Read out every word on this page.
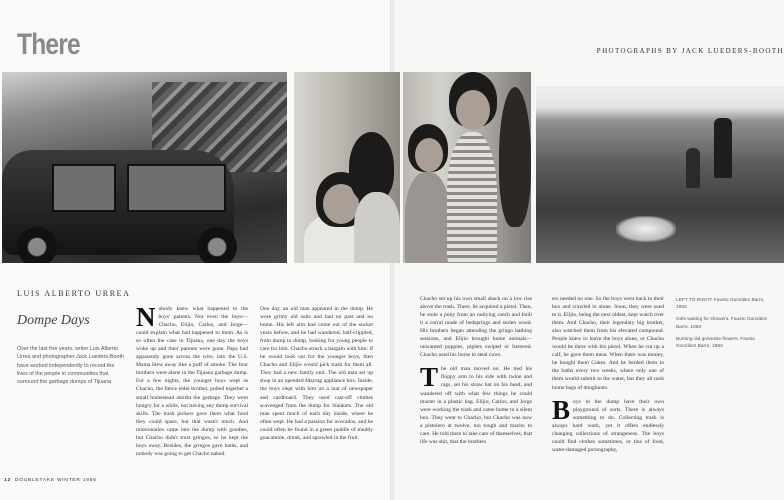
There	PHOTOGRAPHS BY JACK LUEDERS-BOOTH
LUIS ALBERTO URREA
Dompe Days
Over the last five years, writer Luis Alberto Urrea and photographer Jack Lueders-Booth have worked independently to record the lives of the people in communities that surround the garbage dumps of Tijuana.
Nobody knew what happened to the boys' parents. Not even the boys—Chacho, Elijio, Carlos, and Jorge—could explain what had happened to them. As is so often the case in Tijuana, one day the boys woke up and their parents were gone. Papa had apparently gone across the wire, into the U.S. Mama blew away like a puff of smoke. The four brothers were alone in the Tijuana garbage dump. For a few nights, the younger boys wept as Chacho, the fierce elder brother, pulled together a small homestead amidst the garbage. They went hungry for a while, not having any dump survival skills. The trash pickers gave them what food they could spare, but that wasn't much. And missionaries came into the dump with goodies, but Chacho didn't trust gringos, so he kept the boys away. Besides, the gringos gave baths, and nobody was going to get Chacho naked.
One day, an old man appeared in the dump. He wore grimy old suits and had no past and no home. His left arm had come out of the socket years before, and he had wandered, half-crippled, from dump to dump, looking for young people to care for him. Chacho struck a bargain with him: if he would look out for the younger boys, then Chacho and Elijio would pick trash for them all. They had a new family unit. The old man set up shop in an upended Maytag appliance box. Inside, the boys slept with him on a mat of newspaper and cardboard. They used cast-off clothes scavenged from the dump for blankets. The old man spent much of each day inside, where he often wept. He had a passion for avocados, and he could often be found in a green puddle of muddy guacamole, drunk, and sprawled in the fruit.

Chacho set up his own small shack on a low rise above the trash. There, he acquired a pistol. Then, he stole a pony from an outlying ranch and built it a corral made of bedsprings and stolen wood. His brothers began attending the gringo bathing sessions, and Elijio brought home animals—unwanted puppies, piglets swiped or bartered. Chacho used his horse to steal cows.

The old man moved on. He tied his floppy arm to his side with twine and rags, set his straw hat on his head, and wandered off with what few things he could muster in a plastic bag. Elijio, Carlos, and Jorge were working the trash and came home to a silent box. They went to Chacho, but Chacho was now a pistolero at twelve, too tough and macho to care. He told them to take care of themselves, that life was shit, that the brothers

ers needed no one. So the boys went back to their box and crawled in alone. Soon, they were used to it. Elijio, being the next oldest, kept watch over them. And Chacho, their legendary big brother, also watched them from his elevated compound. People knew to leave the boys alone, or Chacho would be there with his pistol. When he cut up a calf, he gave them meat. When there was money, he bought them Cokes. And he herded them to the baths every two weeks, where only one of them would submit to the water, but they all took home bags of doughnuts.

Boys in the dump have their own playground of sorts. There is always something to do. Collecting trash is always hard work, yet it offers endlessly changing collections of strangeness. The boys could find clothes sometimes, or tins of food, water-damaged pornography,

LEFT TO RIGHT: Fausto González Barro, 1993
Girls waiting for showers, Fausto González Barro, 1993
Burning old gravesite flowers, Fausto González Barro, 1993
12 DOUBLETAKE WINTER 1996
